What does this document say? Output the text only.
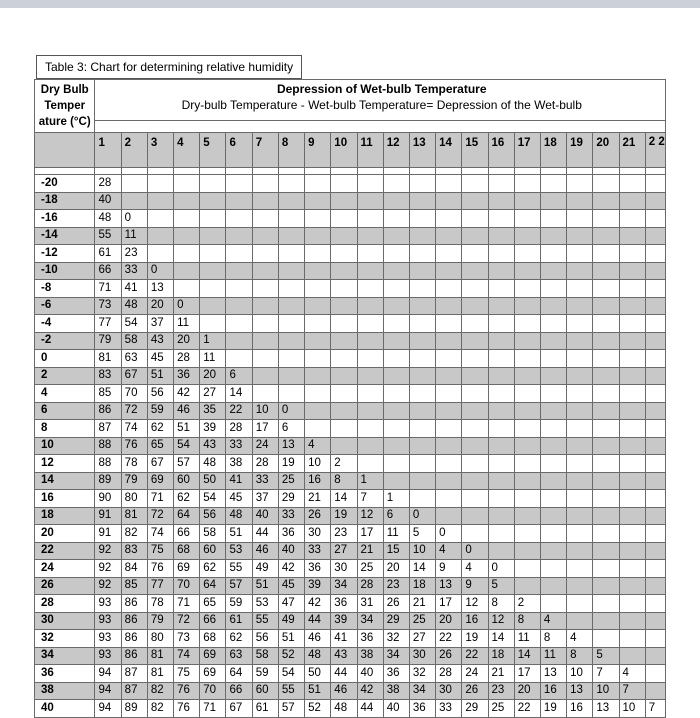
Table 3: Chart for determining relative humidity
Dry Bulb Temper ature (°C)	Depression of Wet-bulb Temperature
Dry-bulb Temperature - Wet-bulb Temperature= Depression of the Wet-bulb																					

	1	2	3	4	5	6	7	8	9	10	11	12	13	14	15	16	17	18	19	20	21	2 2

-20	28																					
-18	40																					
-16	48	0																				
-14	55	11																				
-12	61	23																				
-10	66	33	0																			
-8	71	41	13																			
-6	73	48	20	0																		
-4	77	54	37	11																		
-2	79	58	43	20	1																	
0	81	63	45	28	11																	
2	83	67	51	36	20	6																
4	85	70	56	42	27	14																
6	86	72	59	46	35	22	10	0														
8	87	74	62	51	39	28	17	6														
10	88	76	65	54	43	33	24	13	4													
12	88	78	67	57	48	38	28	19	10	2												
14	89	79	69	60	50	41	33	25	16	8	1											
16	90	80	71	62	54	45	37	29	21	14	7	1										
18	91	81	72	64	56	48	40	33	26	19	12	6	0									
20	91	82	74	66	58	51	44	36	30	23	17	11	5	0								
22	92	83	75	68	60	53	46	40	33	27	21	15	10	4	0							
24	92	84	76	69	62	55	49	42	36	30	25	20	14	9	4	0						
26	92	85	77	70	64	57	51	45	39	34	28	23	18	13	9	5						
28	93	86	78	71	65	59	53	47	42	36	31	26	21	17	12	8	2					
30	93	86	79	72	66	61	55	49	44	39	34	29	25	20	16	12	8	4				
32	93	86	80	73	68	62	56	51	46	41	36	32	27	22	19	14	11	8	4			
34	93	86	81	74	69	63	58	52	48	43	38	34	30	26	22	18	14	11	8	5		
36	94	87	81	75	69	64	59	54	50	44	40	36	32	28	24	21	17	13	10	7	4	
38	94	87	82	76	70	66	60	55	51	46	42	38	34	30	26	23	20	16	13	10	7	
40	94	89	82	76	71	67	61	57	52	48	44	40	36	33	29	25	22	19	16	13	10	7
